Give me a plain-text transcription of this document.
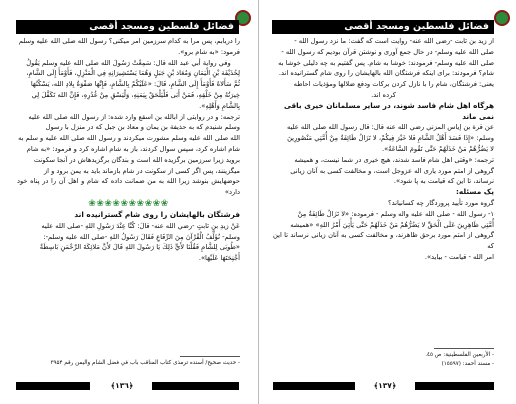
فضائل فلسطین ومسجد أقصی

را دریابم، پس مرا به کدام سرزمین امر میکنی؟ رسول الله صلی الله علیه وسلم

فرمود: «به شام برو».

وفي رواية أبي عبد الله قال: سَمِعْتُ رَسُولَ الله صلى الله عليه وسلم يَقُولُ

لِحُذَيْفَة بْنِ الْيَمَانِ وَمُعَاذ بْنِ جَبَلٍ وَهُمَا يَسْتَشِيرَانِهِ فِي الْمَنْزِلِ، فَأَوْمَأَ إِلَى الشَّامِ،

ثُمَّ سَأَلاهُ فَأَوْمَأَ إِلَى الشَّامِ، قَالَ: «عَلَيْكُمْ بِالشَّامِ، فَإِنَّهَا صَفْوَةُ بِلادِ الله، يَسْكُنُهَا

خِيرَتُهُ مِنْ خَلْقِهِ، فَمَنْ أَبَى فَلْيَلْحَقْ بِيَمَنِهِ، وَلْيَسْقِ مِنْ غُدُرِهِ، فَإِنَّ الله تَكَفَّلَ لِي

بِالشَّامِ وَأَهْلِهِ».

ترجمه: و در روایتی از ابالله بن اسقع وارد شده: از رسول الله صلی الله علیه

وسلم شنیدم که به حذیفة بن یمان و معاذ بن جبل که در منزل با رسول

الله صلی الله علیه وسلم مشورت میکردند و رسول الله صلی الله علیه و سلم به

شام اشاره کرد، سپس سوال کردند، باز به شام اشاره کرد و فرمود: «به شام

بروید زیرا سرزمین برگزیده الله است و بندگان برگزیدهاش در آنجا سکونت

میگزینند، پس اگر کسی از سکونت در شام بازماند باید به یمن برود و از

حوضهایش بنوشد زیرا الله به من ضمانت داده که شام و اهل آن را در پناه خود دارد»

❀❀❀❀❀❀❀❀❀❀

فرشتگان بالهایشان را روی شام گسترانیده اند

عَنْ زيدِ بنِ ثابتٍ -رضي الله عنه- قالَ: كُنَّا عِنْدَ رَسُولِ اللهِ -صلى الله عليه

وسلم- نُؤَلِّفُ الْقُرْآنَ مِنَ الرِّقَاعِ فَقَالَ رَسُولُ اللهِ -صلى الله عليه وسلم-:

«طُوبَى لِلشَّامِ فَقُلْنَا لأَيٍّ ذَلِكَ يَا رَسُولَ اللهِ قَالَ لأَنَّ مَلائِكَةَ الرَّحْمَنِ بَاسِطَةٌ

أَجْنِحَتَهَا عَلَيْهَا».

- حدیث صحیح/ أسنده ترمذی کتاب المناقب باب في فضل الشام واليمن رقم ۳۹۵۴
﴿١٣٦﴾
فضائل فلسطین ومسجد أقصی

از زید بن ثابت -رضی الله عنه- روایت است که گفت: ما نزد رسول الله -

صلی الله علیه وسلم- در حال جمع آوری و نوشتن قرآن بودیم که رسول الله -

صلی الله علیه وسلم- فرمودند: خوشا به شام. پس گفتیم به چه دلیلی خوشا به

شام؟ فرمودند: برای اینکه فرشتگان الله بالهایشان را روی شام گسترانیده اند.

یعنی: فرشتگان، شام را با نازل کردن برکات ودفع ضلالها ومؤذیات احاطه

کرده اند.

هرگاه اهل شام فاسد شوند، در سایر مسلمانان خیری باقی نمی ماند

عن قرة بن إياس المزني رضي الله عنه قال: قال رسول الله صلى الله عليه

وسلم: «إِذَا فَسَدَ أَهْلُ الشَّامِ فَلا خَيْرَ فِيكُمْ، لا تَزَالُ طَائِفَةٌ مِنْ أُمَّتِي مَنْصُورِينَ

لا يَضُرُّهُمْ مَنْ خَذَلَهُمْ حَتَّى تَقُومَ السَّاعَةُ».

ترجمه: «وقتی اهل شام فاسد شدند، هیچ خیری در شما نیست، و همیشه

گروهی از امتم مورد یاری اله عزوجل است، و مخالفت کسی به آنان زیانی

نرساند، تا این که قیامت به پا شود».

یک مسئله:

گروه مورد تأیید پروردگار چه کسانیاند؟

۱- رسول الله - صلی الله علیه واله وسلم - فرموده: «لا تَزَالُ طَائِفَةٌ مِنْ

أُمَّتِي ظَاهِرِينَ عَلَى الْحَقِّ لا يَضُرُّهُمْ مَنْ خَذَلَهُمْ حَتَّى يَأْتِيَ أَمْرُ اللهِ» «همیشه

گروهی از امتم مورد برحق ظاهرند، و مخالفت کسی به آنان زیانی نرساند تا این که

امر الله - قیامت - بیاید».

- الأربعين الفلسطينية: ص ٤٥.
- مسند أحمد: (١٥٥٩٧)
﴿١٣٧﴾
